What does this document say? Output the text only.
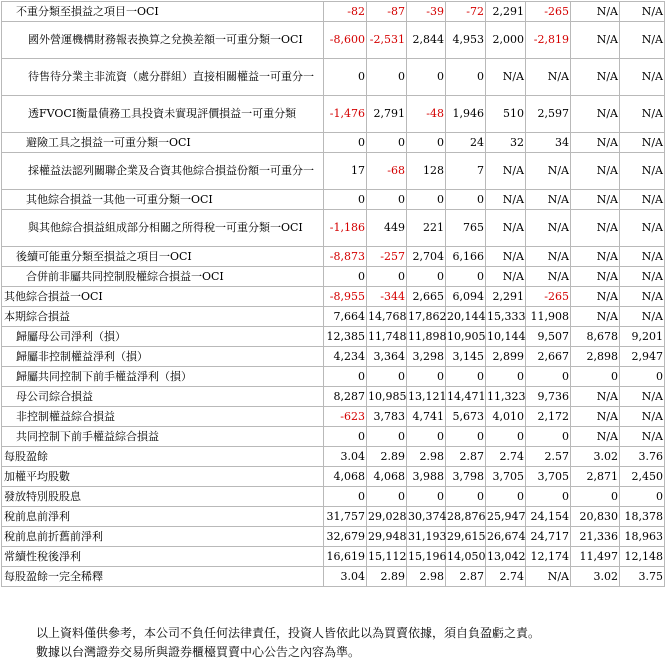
不重分類至損益之項目一OCI	-82	-87	-39	-72	2,291	-265	N/A	N/A
國外營運機構財務報表換算之兌換差額一可重分類一OCI	-8,600	-2,531	2,844	4,953	2,000	-2,819	N/A	N/A
待售待分業主非流資（處分群組）直接相關權益一可重分一	0	0	0	0	N/A	N/A	N/A	N/A
透FVOCI衡量債務工具投資未實現評價損益一可重分類	-1,476	2,791	-48	1,946	510	2,597	N/A	N/A
避險工具之損益一可重分類一OCI	0	0	0	24	32	34	N/A	N/A
採權益法認列關聯企業及合資其他綜合損益份額一可重分一	17	-68	128	7	N/A	N/A	N/A	N/A
其他綜合損益一其他一可重分類一OCI	0	0	0	0	N/A	N/A	N/A	N/A
與其他綜合損益組成部分相關之所得稅一可重分類一OCI	-1,186	449	221	765	N/A	N/A	N/A	N/A
後續可能重分類至損益之項目一OCI	-8,873	-257	2,704	6,166	N/A	N/A	N/A	N/A
合併前非屬共同控制股權綜合損益一OCI	0	0	0	0	N/A	N/A	N/A	N/A
其他綜合損益一OCI	-8,955	-344	2,665	6,094	2,291	-265	N/A	N/A
本期綜合損益	7,664	14,768	17,862	20,144	15,333	11,908	N/A	N/A
歸屬母公司淨利（損）	12,385	11,748	11,898	10,905	10,144	9,507	8,678	9,201
歸屬非控制權益淨利（損）	4,234	3,364	3,298	3,145	2,899	2,667	2,898	2,947
歸屬共同控制下前手權益淨利（損）	0	0	0	0	0	0	0	0
母公司綜合損益	8,287	10,985	13,121	14,471	11,323	9,736	N/A	N/A
非控制權益綜合損益	-623	3,783	4,741	5,673	4,010	2,172	N/A	N/A
共同控制下前手權益綜合損益	0	0	0	0	0	0	N/A	N/A
每股盈餘	3.04	2.89	2.98	2.87	2.74	2.57	3.02	3.76
加權平均股數	4,068	4,068	3,988	3,798	3,705	3,705	2,871	2,450
發放特別股股息	0	0	0	0	0	0	0	0
稅前息前淨利	31,757	29,028	30,374	28,876	25,947	24,154	20,830	18,378
稅前息前折舊前淨利	32,679	29,948	31,193	29,615	26,674	24,717	21,336	18,963
常續性稅後淨利	16,619	15,112	15,196	14,050	13,042	12,174	11,497	12,148
每股盈餘一完全稀釋	3.04	2.89	2.98	2.87	2.74	N/A	3.02	3.75
以上資料僅供參考，本公司不負任何法律責任，投資人皆依此以為買賣依據，須自負盈虧之責。
數據以台灣證券交易所與證券櫃檯買賣中心公告之內容為準。
